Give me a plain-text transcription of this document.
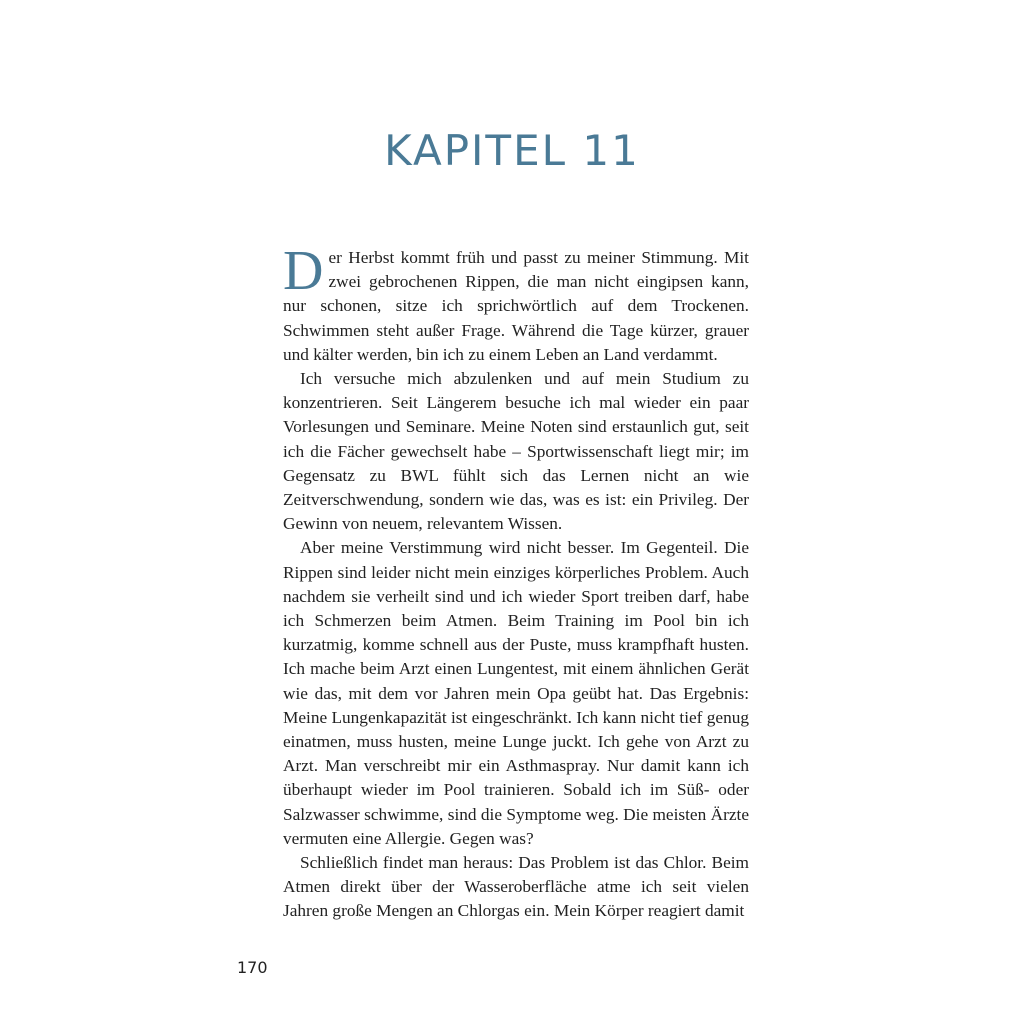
KAPITEL 11

Der Herbst kommt früh und passt zu meiner Stimmung. Mit zwei gebrochenen Rippen, die man nicht eingipsen kann, nur schonen, sitze ich sprichwörtlich auf dem Trockenen. Schwimmen steht außer Frage. Während die Tage kürzer, grauer und kälter werden, bin ich zu einem Leben an Land verdammt.

Ich versuche mich abzulenken und auf mein Studium zu konzentrieren. Seit Längerem besuche ich mal wieder ein paar Vorlesungen und Seminare. Meine Noten sind erstaunlich gut, seit ich die Fächer gewechselt habe – Sportwissenschaft liegt mir; im Gegensatz zu BWL fühlt sich das Lernen nicht an wie Zeitverschwendung, sondern wie das, was es ist: ein Privileg. Der Gewinn von neuem, relevantem Wissen.

Aber meine Verstimmung wird nicht besser. Im Gegenteil. Die Rippen sind leider nicht mein einziges körperliches Problem. Auch nachdem sie verheilt sind und ich wieder Sport treiben darf, habe ich Schmerzen beim Atmen. Beim Training im Pool bin ich kurzatmig, komme schnell aus der Puste, muss krampfhaft husten. Ich mache beim Arzt einen Lungentest, mit einem ähnlichen Gerät wie das, mit dem vor Jahren mein Opa geübt hat. Das Ergebnis: Meine Lungenkapazität ist eingeschränkt. Ich kann nicht tief genug einatmen, muss husten, meine Lunge juckt. Ich gehe von Arzt zu Arzt. Man verschreibt mir ein Asthmaspray. Nur damit kann ich überhaupt wieder im Pool trainieren. Sobald ich im Süß- oder Salzwasser schwimme, sind die Symptome weg. Die meisten Ärzte vermuten eine Allergie. Gegen was?

Schließlich findet man heraus: Das Problem ist das Chlor. Beim Atmen direkt über der Wasseroberfläche atme ich seit vielen Jahren große Mengen an Chlorgas ein. Mein Körper reagiert damit

170
